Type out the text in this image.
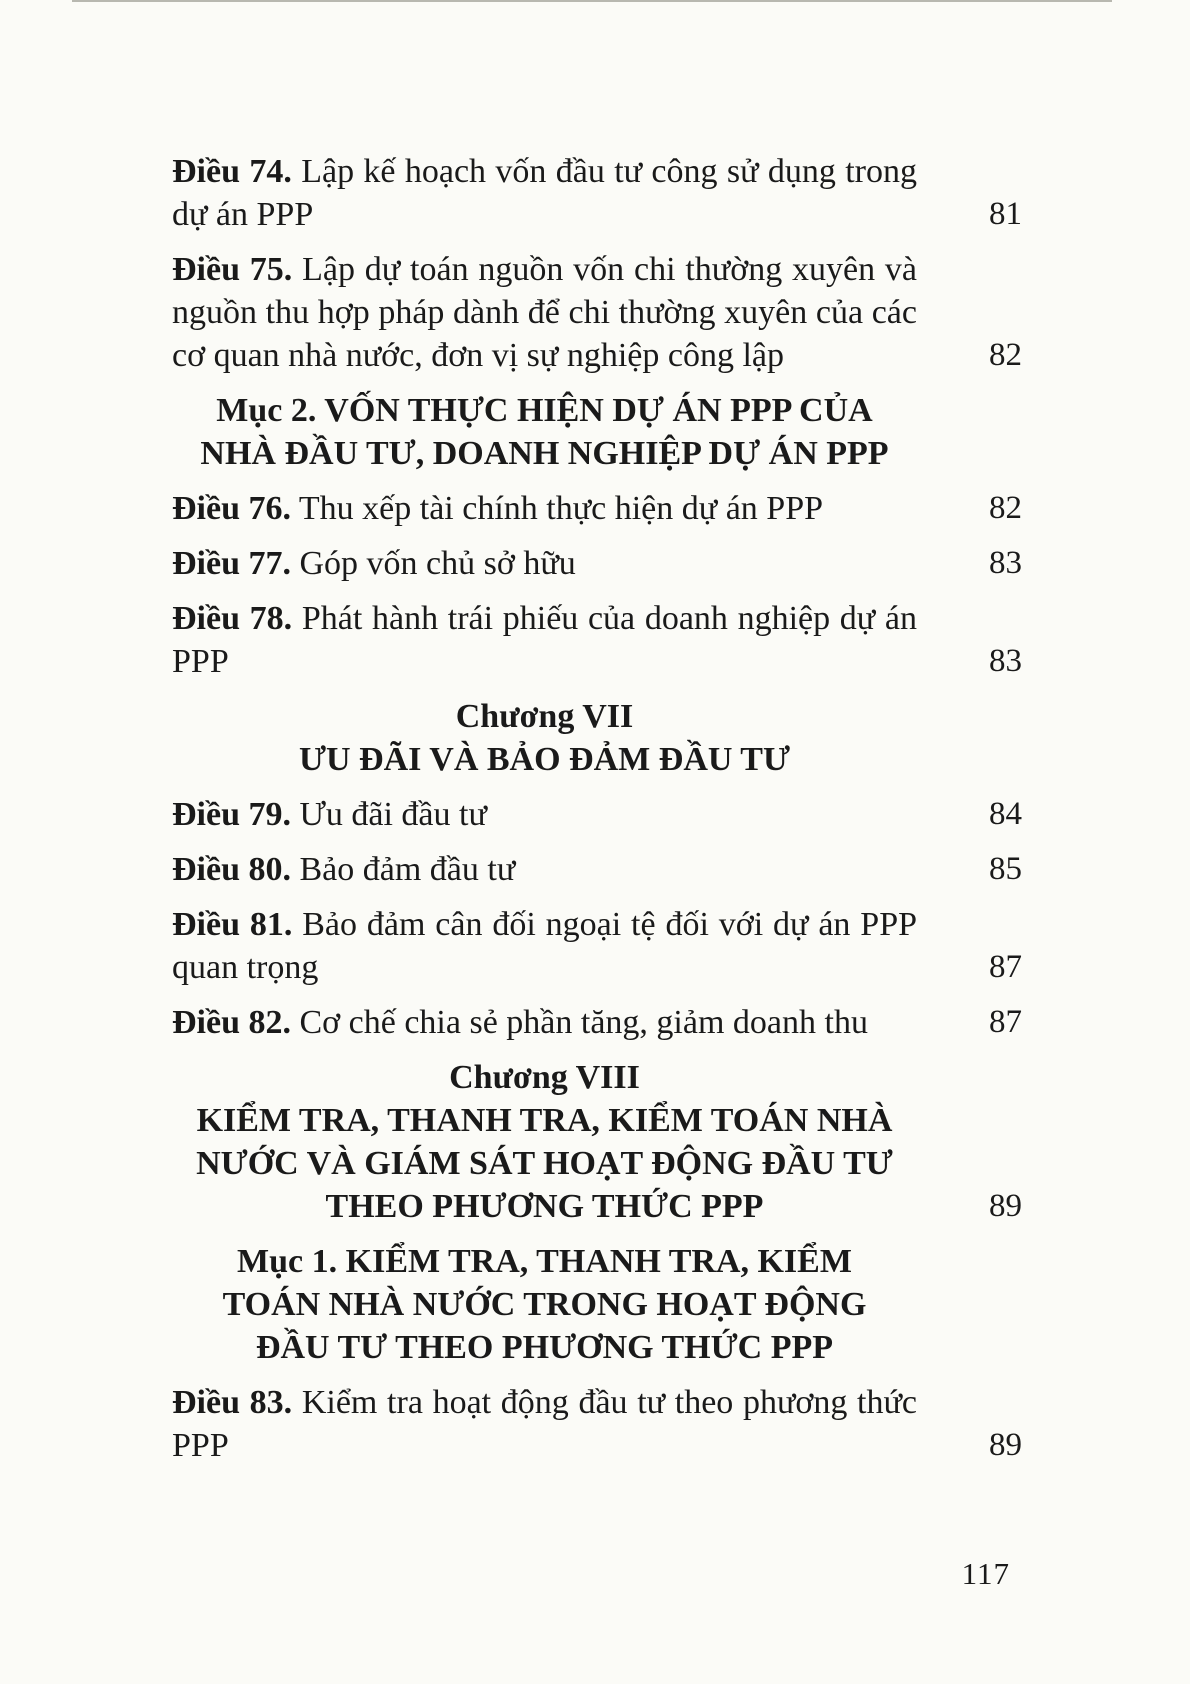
Điều 74. Lập kế hoạch vốn đầu tư công sử dụng trong dự án PPP	81
Điều 75. Lập dự toán nguồn vốn chi thường xuyên và nguồn thu hợp pháp dành để chi thường xuyên của các cơ quan nhà nước, đơn vị sự nghiệp công lập	82
Mục 2. VỐN THỰC HIỆN DỰ ÁN PPP CỦA
NHÀ ĐẦU TƯ, DOANH NGHIỆP DỰ ÁN PPP
Điều 76. Thu xếp tài chính thực hiện dự án PPP	82
Điều 77. Góp vốn chủ sở hữu	83
Điều 78. Phát hành trái phiếu của doanh nghiệp dự án PPP	83
Chương VII
ƯU ĐÃI VÀ BẢO ĐẢM ĐẦU TƯ
Điều 79. Ưu đãi đầu tư	84
Điều 80. Bảo đảm đầu tư	85
Điều 81. Bảo đảm cân đối ngoại tệ đối với dự án PPP quan trọng	87
Điều 82. Cơ chế chia sẻ phần tăng, giảm doanh thu	87
Chương VIII
KIỂM TRA, THANH TRA, KIỂM TOÁN NHÀ
NƯỚC VÀ GIÁM SÁT HOẠT ĐỘNG ĐẦU TƯ
THEO PHƯƠNG THỨC PPP	89
Mục 1. KIỂM TRA, THANH TRA, KIỂM
TOÁN NHÀ NƯỚC TRONG HOẠT ĐỘNG
ĐẦU TƯ THEO PHƯƠNG THỨC PPP
Điều 83. Kiểm tra hoạt động đầu tư theo phương thức PPP	89
117
